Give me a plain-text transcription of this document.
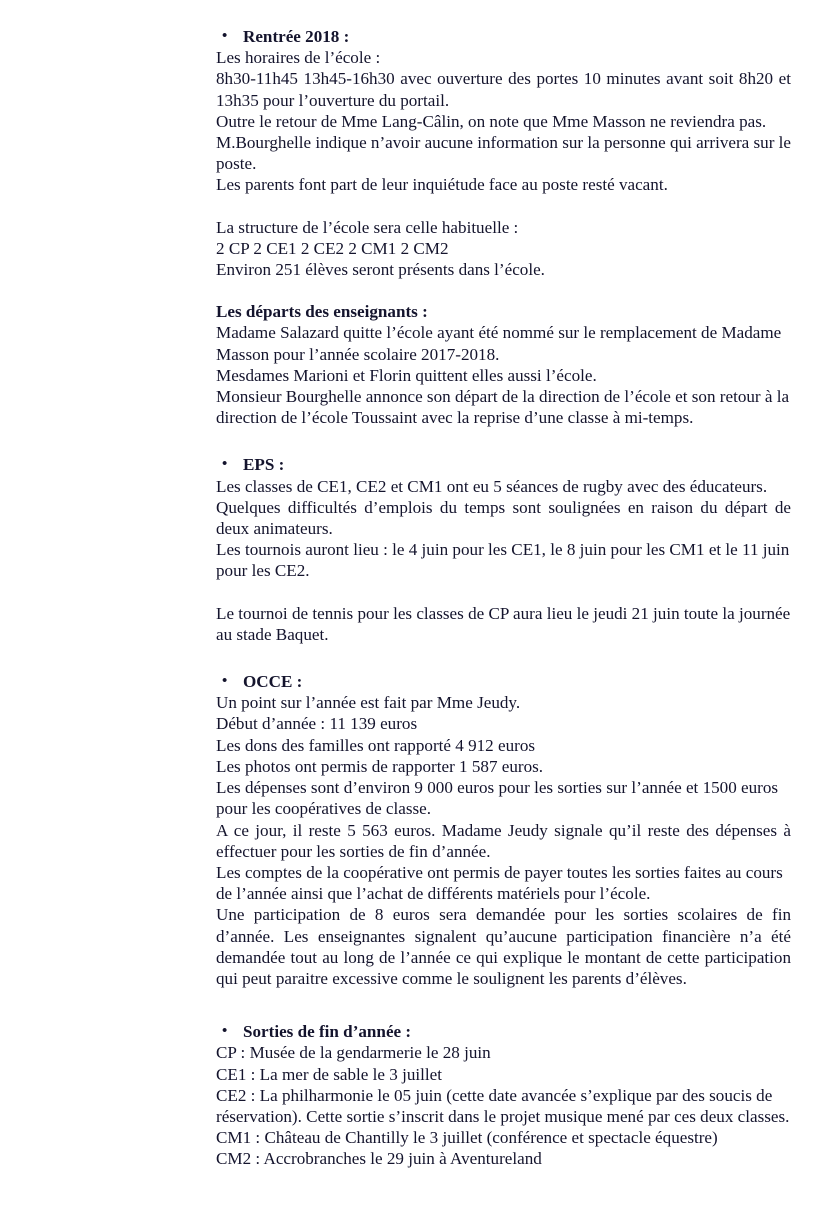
• Rentrée 2018 :

Les horaires de l’école :

8h30-11h45 13h45-16h30 avec ouverture des portes 10 minutes avant soit 8h20 et 13h35 pour l’ouverture du portail.

Outre le retour de Mme Lang-Câlin, on note que Mme Masson ne reviendra pas.

M.Bourghelle indique n’avoir aucune information sur la personne qui arrivera sur le poste.

Les parents font part de leur inquiétude face au poste resté vacant.

La structure de l’école sera celle habituelle :

2 CP 2 CE1 2 CE2 2 CM1 2 CM2

Environ 251 élèves seront présents dans l’école.

Les départs des enseignants :

Madame Salazard quitte l’école ayant été nommé sur le remplacement de Madame Masson pour l’année scolaire 2017-2018.

Mesdames Marioni et Florin quittent elles aussi l’école.

Monsieur Bourghelle annonce son départ de la direction de l’école et son retour à la direction de l’école Toussaint avec la reprise d’une classe à mi-temps.

• EPS :

Les classes de CE1, CE2 et CM1 ont eu 5 séances de rugby avec des éducateurs.

Quelques difficultés d’emplois du temps sont soulignées en raison du départ de deux animateurs.

Les tournois auront lieu : le 4 juin pour les CE1, le 8 juin pour les CM1 et le 11 juin pour les CE2.

Le tournoi de tennis pour les classes de CP aura lieu le jeudi 21 juin toute la journée au stade Baquet.

• OCCE :

Un point sur l’année est fait par Mme Jeudy.

Début d’année : 11 139 euros

Les dons des familles ont rapporté 4 912 euros

Les photos ont permis de rapporter 1 587 euros.

Les dépenses sont d’environ 9 000 euros pour les sorties sur l’année et 1500 euros pour les coopératives de classe.

A ce jour, il reste 5 563 euros. Madame Jeudy signale qu’il reste des dépenses à effectuer pour les sorties de fin d’année.

Les comptes de la coopérative ont permis de payer toutes les sorties faites au cours de l’année ainsi que l’achat de différents matériels pour l’école.

Une participation de 8 euros sera demandée pour les sorties scolaires de fin d’année. Les enseignantes signalent qu’aucune participation financière n’a été demandée tout au long de l’année ce qui explique le montant de cette participation qui peut paraitre excessive comme le soulignent les parents d’élèves.

• Sorties de fin d’année :

CP : Musée de la gendarmerie le 28 juin

CE1 : La mer de sable le 3 juillet

CE2 : La philharmonie le 05 juin (cette date avancée s’explique par des soucis de réservation). Cette sortie s’inscrit dans le projet musique mené par ces deux classes.

CM1 : Château de Chantilly le 3 juillet (conférence et spectacle équestre)

CM2 : Accrobranches le 29 juin à Aventureland
